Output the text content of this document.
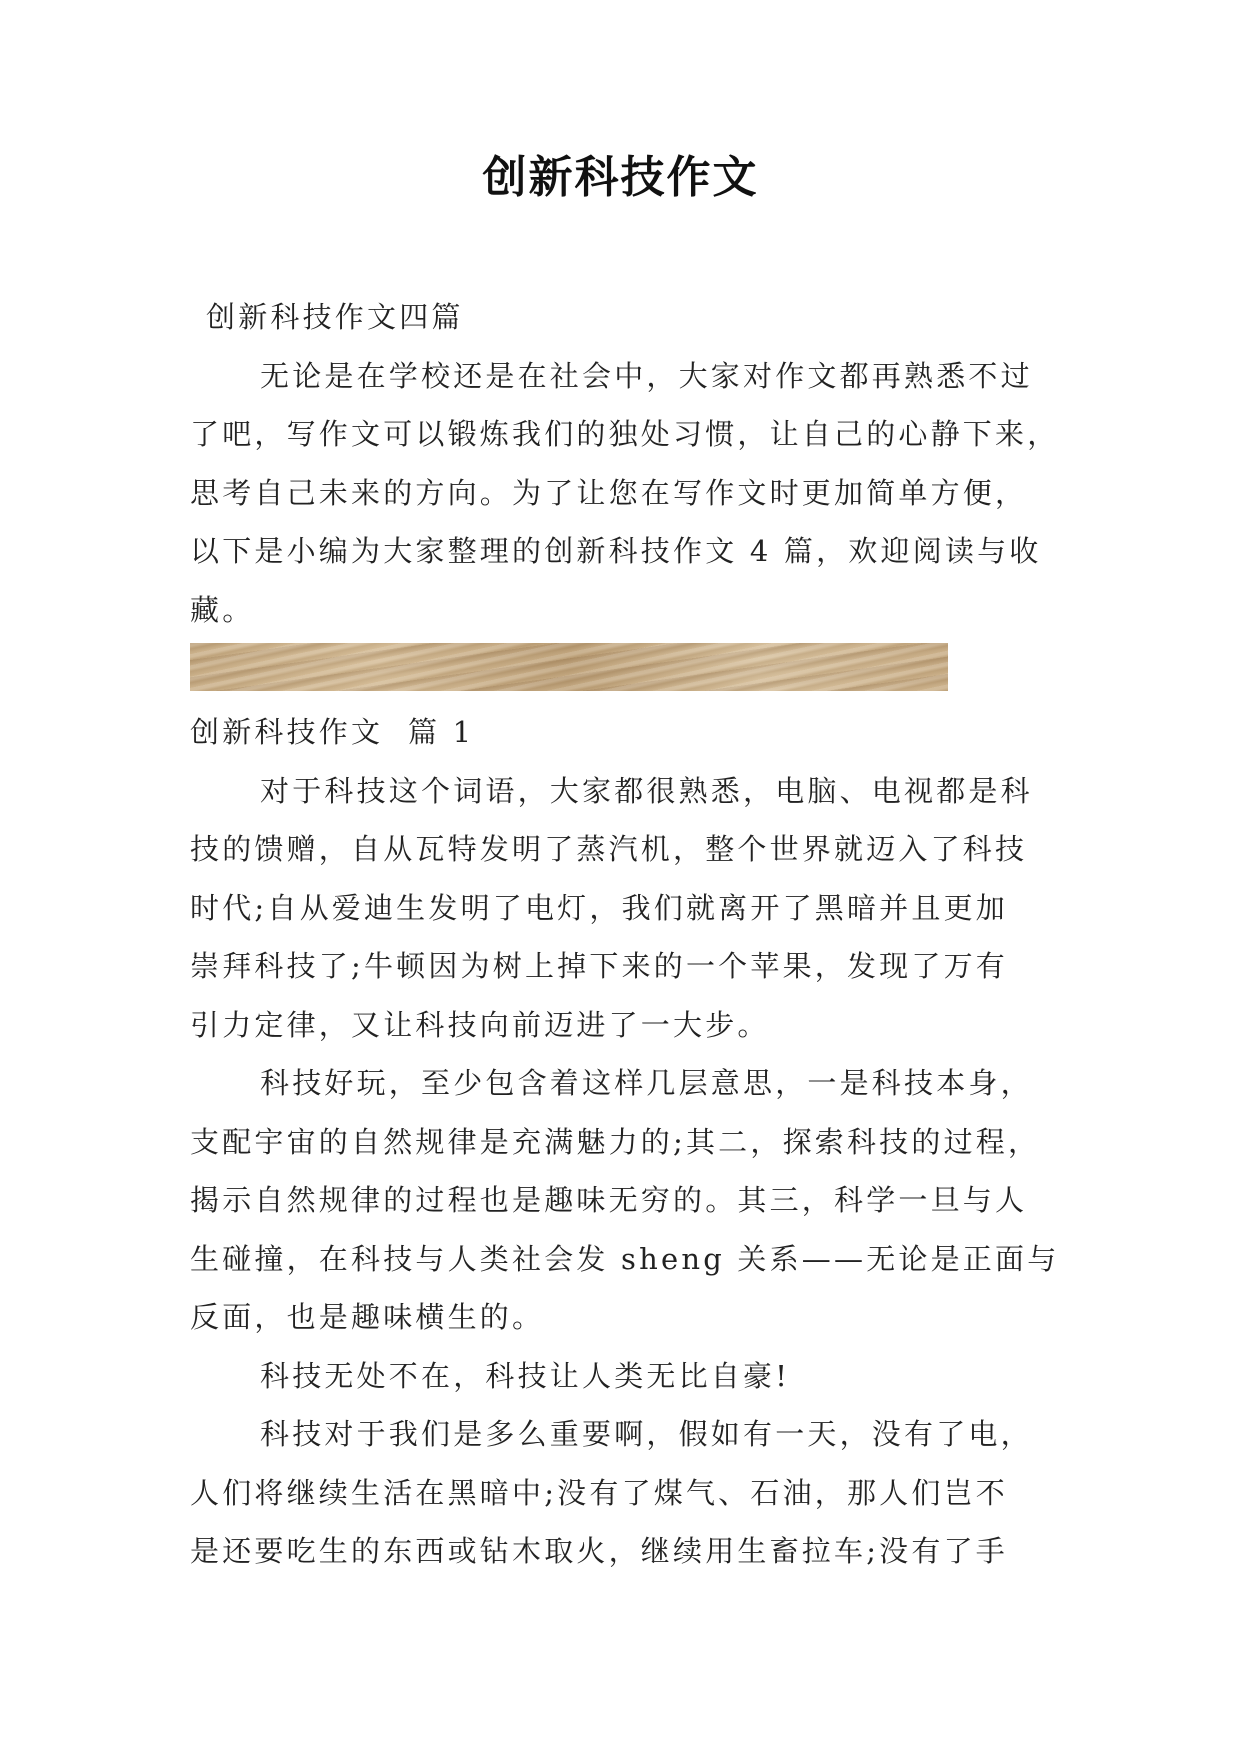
创新科技作文
创新科技作文四篇
无论是在学校还是在社会中，大家对作文都再熟悉不过
了吧，写作文可以锻炼我们的独处习惯，让自己的心静下来，
思考自己未来的方向。为了让您在写作文时更加简单方便，
以下是小编为大家整理的创新科技作文 4 篇，欢迎阅读与收
藏。
创新科技作文  篇 1
对于科技这个词语，大家都很熟悉，电脑、电视都是科
技的馈赠，自从瓦特发明了蒸汽机，整个世界就迈入了科技
时代;自从爱迪生发明了电灯，我们就离开了黑暗并且更加
崇拜科技了;牛顿因为树上掉下来的一个苹果，发现了万有
引力定律，又让科技向前迈进了一大步。
科技好玩，至少包含着这样几层意思，一是科技本身，
支配宇宙的自然规律是充满魅力的;其二，探索科技的过程，
揭示自然规律的过程也是趣味无穷的。其三，科学一旦与人
生碰撞，在科技与人类社会发 sheng 关系——无论是正面与
反面，也是趣味横生的。
科技无处不在，科技让人类无比自豪!
科技对于我们是多么重要啊，假如有一天，没有了电，
人们将继续生活在黑暗中;没有了煤气、石油，那人们岂不
是还要吃生的东西或钻木取火，继续用生畜拉车;没有了手
